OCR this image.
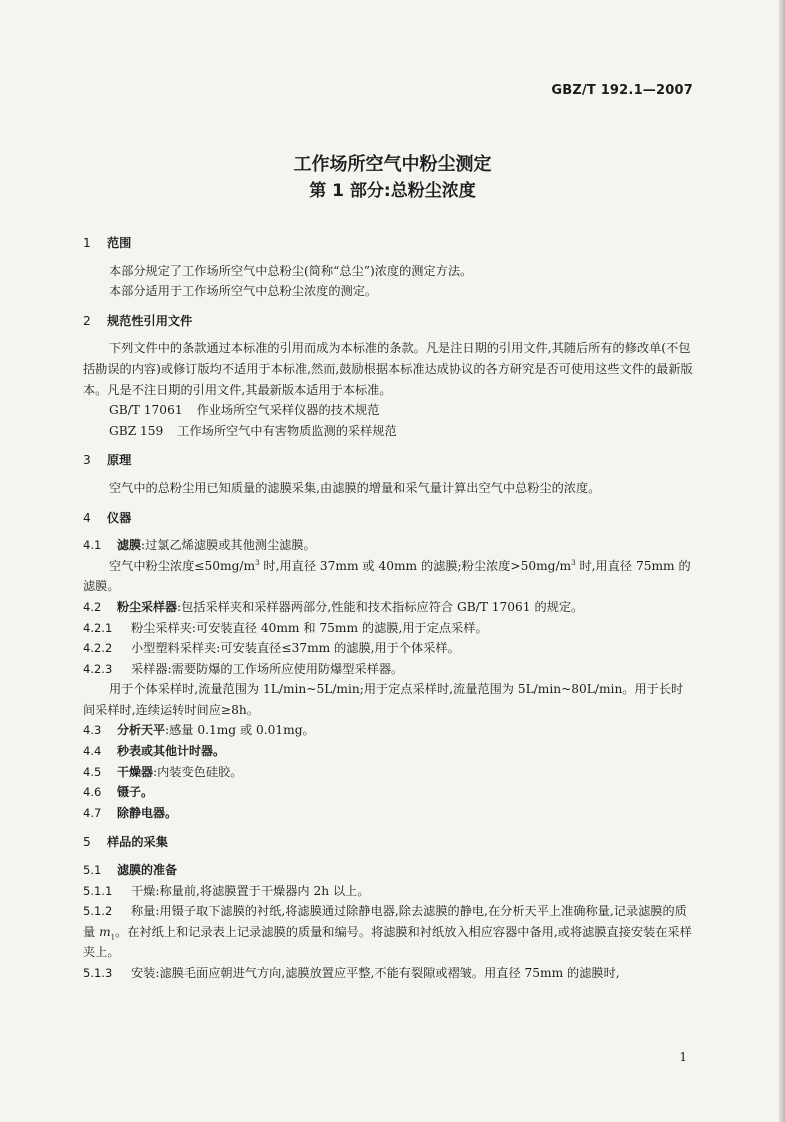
GBZ/T 192.1—2007
工作场所空气中粉尘测定
第 1 部分:总粉尘浓度
1 范围

本部分规定了工作场所空气中总粉尘(简称“总尘”)浓度的测定方法。

本部分适用于工作场所空气中总粉尘浓度的测定。

2 规范性引用文件

下列文件中的条款通过本标准的引用而成为本标准的条款。凡是注日期的引用文件,其随后所有的修改单(不包括勘误的内容)或修订版均不适用于本标准,然而,鼓励根据本标准达成协议的各方研究是否可使用这些文件的最新版本。凡是不注日期的引用文件,其最新版本适用于本标准。

GB/T 17061 作业场所空气采样仪器的技术规范

GBZ 159 工作场所空气中有害物质监测的采样规范

3 原理

空气中的总粉尘用已知质量的滤膜采集,由滤膜的增量和采气量计算出空气中总粉尘的浓度。

4 仪器

4.1 滤膜:过氯乙烯滤膜或其他测尘滤膜。

空气中粉尘浓度$\le 50mg/m^3$ 时,用直径 37mm 或 40mm 的滤膜;粉尘浓度$>50mg/m^3$ 时,用直径 75mm 的滤膜。

4.2 粉尘采样器:包括采样夹和采样器两部分,性能和技术指标应符合 GB/T 17061 的规定。

4.2.1 粉尘采样夹:可安装直径 40mm 和 75mm 的滤膜,用于定点采样。

4.2.2 小型塑料采样夹:可安装直径≤37mm 的滤膜,用于个体采样。

4.2.3 采样器:需要防爆的工作场所应使用防爆型采样器。

用于个体采样时,流量范围为 1L/min~5L/min;用于定点采样时,流量范围为 5L/min~80L/min。用于长时间采样时,连续运转时间应≥8h。

4.3 分析天平:感量 0.1mg 或 0.01mg。

4.4 秒表或其他计时器。

4.5 干燥器:内装变色硅胶。

4.6 镊子。

4.7 除静电器。

5 样品的采集

5.1 滤膜的准备

5.1.1 干燥:称量前,将滤膜置于干燥器内 2h 以上。

5.1.2 称量:用镊子取下滤膜的衬纸,将滤膜通过除静电器,除去滤膜的静电,在分析天平上准确称量,记录滤膜的质量 $m_1$。在衬纸上和记录表上记录滤膜的质量和编号。将滤膜和衬纸放入相应容器中备用,或将滤膜直接安装在采样夹上。

5.1.3 安装:滤膜毛面应朝进气方向,滤膜放置应平整,不能有裂隙或褶皱。用直径 75mm 的滤膜时,

1
